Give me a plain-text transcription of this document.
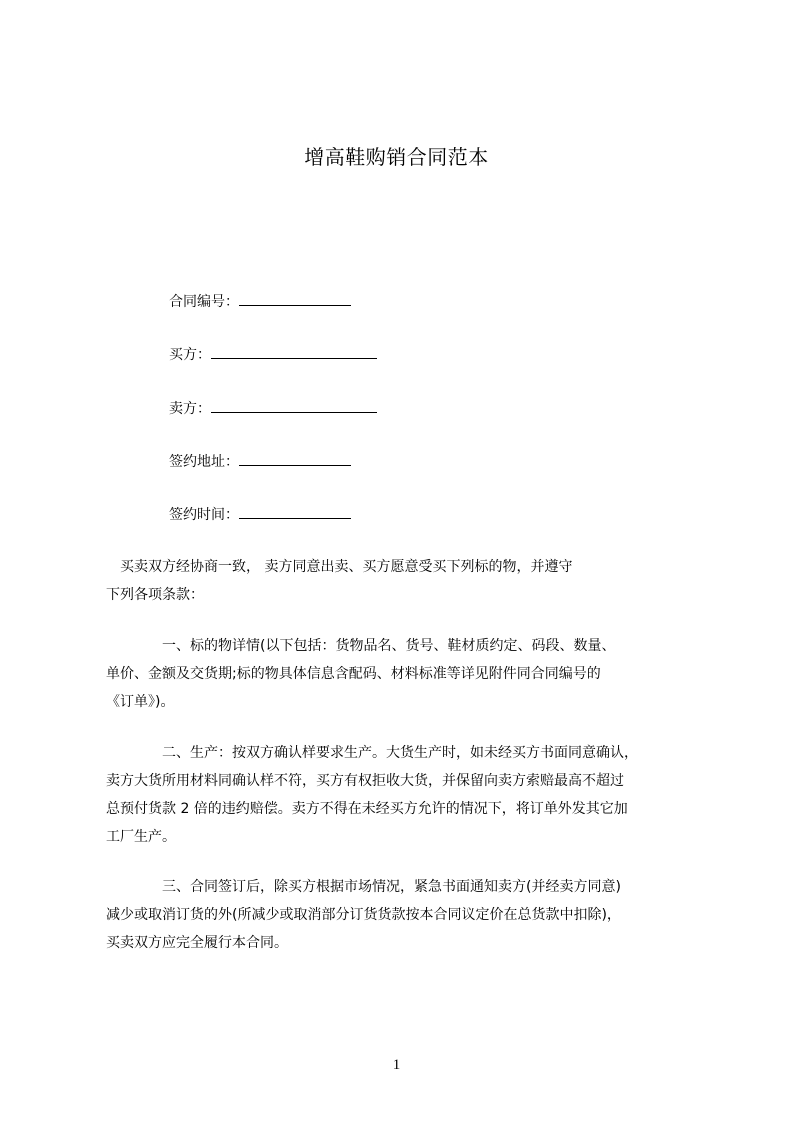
增高鞋购销合同范本
合同编号：
买方：
卖方：
签约地址：
签约时间：

　买卖双方经协商一致， 卖方同意出卖、买方愿意受买下列标的物，并遵守

下列各项条款：

　　　　一、标的物详情(以下包括：货物品名、货号、鞋材质约定、码段、数量、

单价、金额及交货期;标的物具体信息含配码、材料标准等详见附件同合同编号的

《订单》)。

　　　　二、生产：按双方确认样要求生产。大货生产时，如未经买方书面同意确认，

卖方大货所用材料同确认样不符，买方有权拒收大货，并保留向卖方索赔最高不超过

总预付货款 2 倍的违约赔偿。卖方不得在未经买方允许的情况下，将订单外发其它加

工厂生产。

　　　　三、合同签订后，除买方根据市场情况，紧急书面通知卖方(并经卖方同意)

减少或取消订货的外(所减少或取消部分订货货款按本合同议定价在总货款中扣除)，

买卖双方应完全履行本合同。

1
